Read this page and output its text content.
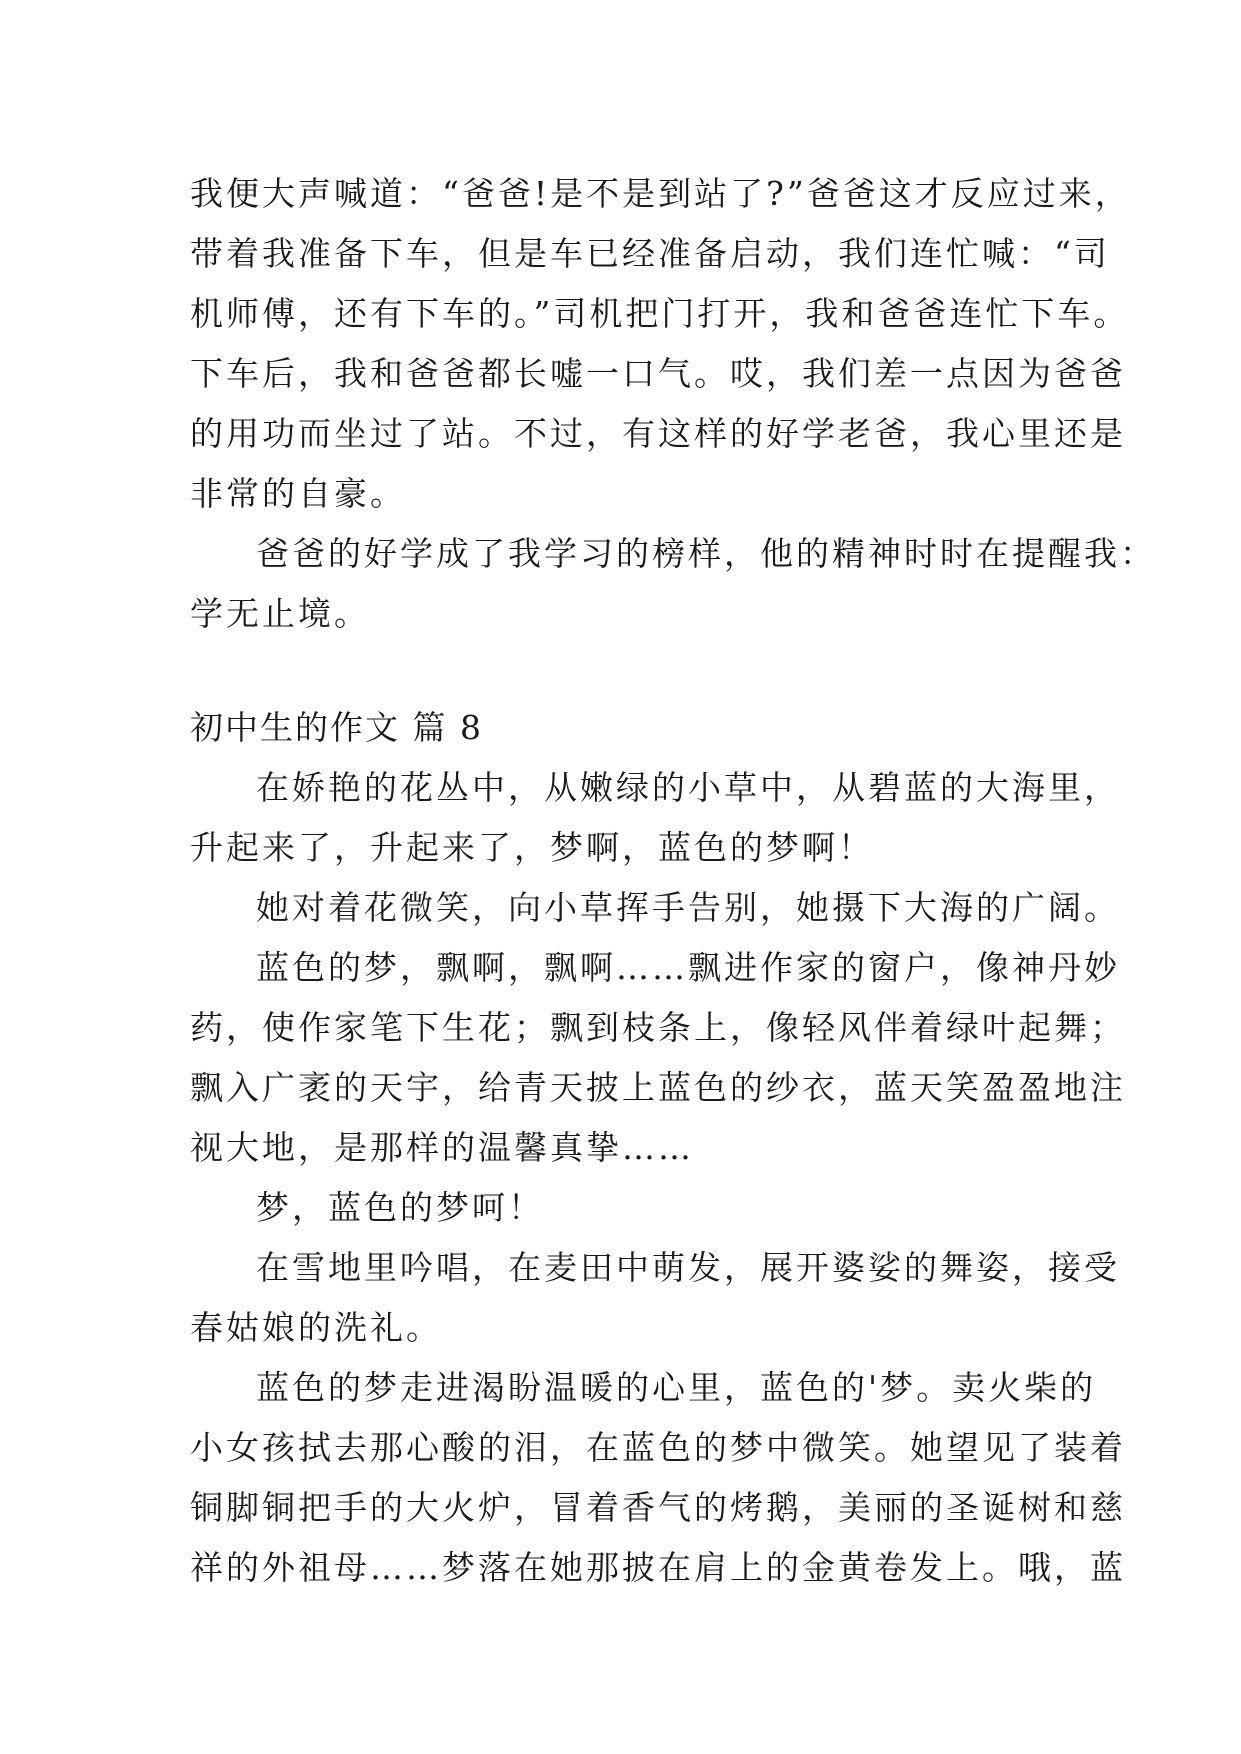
我便大声喊道：“爸爸!是不是到站了?”爸爸这才反应过来，
带着我准备下车，但是车已经准备启动，我们连忙喊：“司
机师傅，还有下车的。”司机把门打开，我和爸爸连忙下车。
下车后，我和爸爸都长嘘一口气。哎，我们差一点因为爸爸
的用功而坐过了站。不过，有这样的好学老爸，我心里还是
非常的自豪。
爸爸的好学成了我学习的榜样，他的精神时时在提醒我：
学无止境。
初中生的作文 篇 8
在娇艳的花丛中，从嫩绿的小草中，从碧蓝的大海里，
升起来了，升起来了，梦啊，蓝色的梦啊！
她对着花微笑，向小草挥手告别，她摄下大海的广阔。
蓝色的梦，飘啊，飘啊……飘进作家的窗户，像神丹妙
药，使作家笔下生花；飘到枝条上，像轻风伴着绿叶起舞；
飘入广袤的天宇，给青天披上蓝色的纱衣，蓝天笑盈盈地注
视大地，是那样的温馨真挚……
梦，蓝色的梦呵！
在雪地里吟唱，在麦田中萌发，展开婆娑的舞姿，接受
春姑娘的洗礼。
蓝色的梦走进渴盼温暖的心里，蓝色的'梦。卖火柴的
小女孩拭去那心酸的泪，在蓝色的梦中微笑。她望见了装着
铜脚铜把手的大火炉，冒着香气的烤鹅，美丽的圣诞树和慈
祥的外祖母……梦落在她那披在肩上的金黄卷发上。哦，蓝
